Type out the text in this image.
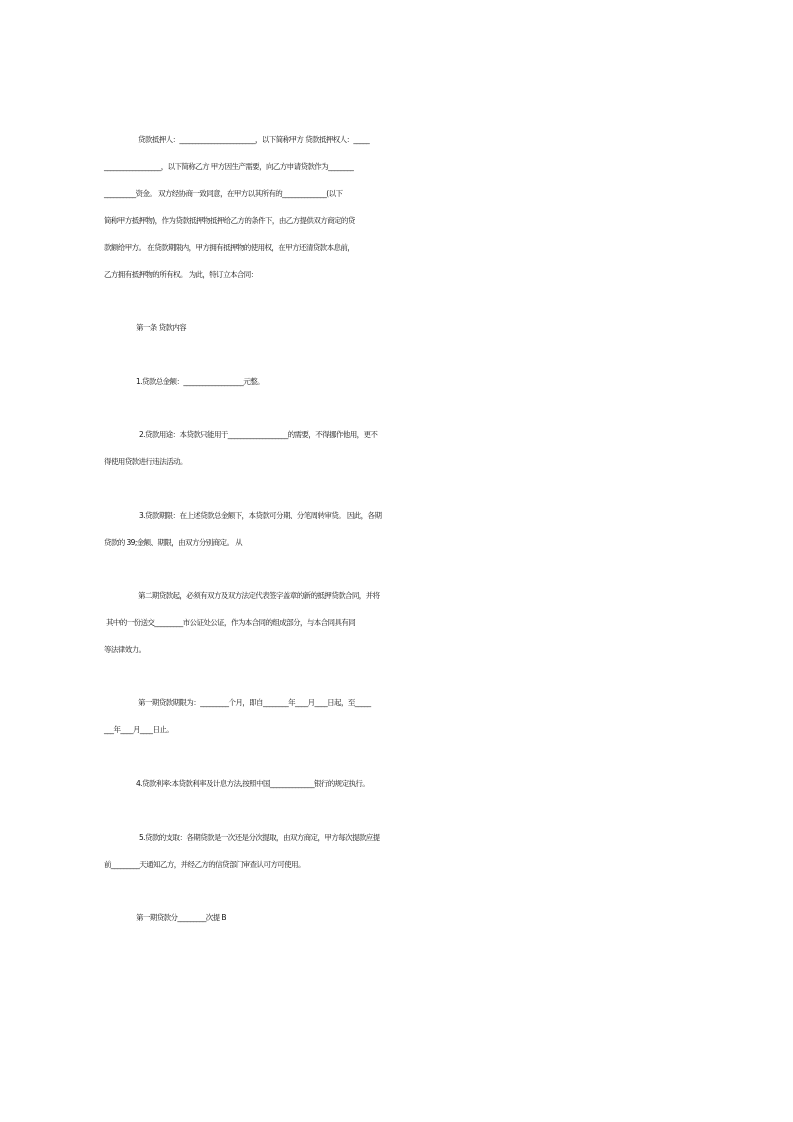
贷款抵押人：________________________，以下简称甲方 贷款抵押权人：_____
__________________，以下简称乙方 甲方因生产需要，向乙方申请贷款作为________
__________资金。 双方经协商一致同意，在甲方以其所有的______________(以下
简称甲方抵押物)，作为贷款抵押物抵押给乙方的条件下，由乙方提供双方商定的贷
款额给甲方。 在贷款期限内，甲方拥有抵押物的使用权，在甲方还清贷款本息前，
乙方拥有抵押物的所有权。 为此，特订立本合同：
第一条 贷款内容
1.贷款总金额：___________________元整。
2.贷款用途：本贷款只能用于___________________的需要，不得挪作他用，更不
得使用贷款进行违法活动。
3.贷款期限：在上述贷款总金额下，本贷款可分期、分笔周转审贷。 因此，各期
贷款的 39;金额、期限，由双方分别商定。 从
第二期贷款起，必须有双方及双方法定代表签字盖章的新的抵押贷款合同，并将
其中的一份送交_________市公证处公证，作为本合同的组成部分，与本合同具有同
等法律效力。
第一期贷款期限为：_________个月，即自________年____月____日起，至_____
___年____月____日止。
4.贷款利率:本贷款利率及计息方法,按照中国______________银行的规定执行。
5.贷款的支取：各期贷款是一次还是分次提取，由双方商定，甲方每次提款应提
前_________天通知乙方，并经乙方的信贷部门审查认可方可使用。
第一期贷款分_________次提 B
